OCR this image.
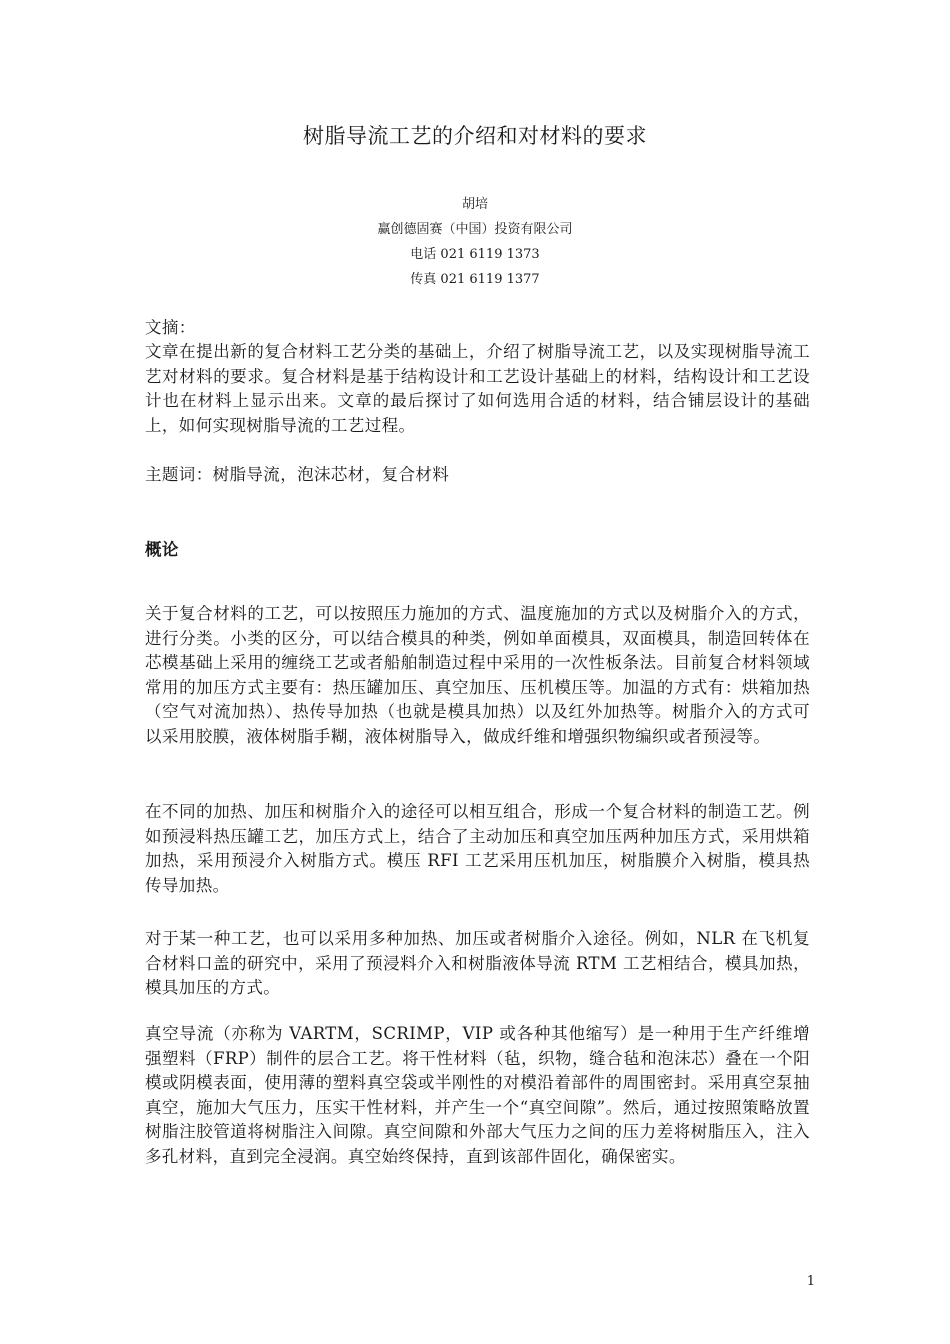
树脂导流工艺的介绍和对材料的要求
胡培
赢创德固赛（中国）投资有限公司
电话 021 6119 1373
传真 021 6119 1377
文摘：
文章在提出新的复合材料工艺分类的基础上，介绍了树脂导流工艺，以及实现树脂导流工艺对材料的要求。复合材料是基于结构设计和工艺设计基础上的材料，结构设计和工艺设计也在材料上显示出来。文章的最后探讨了如何选用合适的材料，结合铺层设计的基础上，如何实现树脂导流的工艺过程。
主题词：树脂导流，泡沫芯材，复合材料
概论
关于复合材料的工艺，可以按照压力施加的方式、温度施加的方式以及树脂介入的方式，进行分类。小类的区分，可以结合模具的种类，例如单面模具，双面模具，制造回转体在芯模基础上采用的缠绕工艺或者船舶制造过程中采用的一次性板条法。目前复合材料领域常用的加压方式主要有：热压罐加压、真空加压、压机模压等。加温的方式有：烘箱加热（空气对流加热）、热传导加热（也就是模具加热）以及红外加热等。树脂介入的方式可以采用胶膜，液体树脂手糊，液体树脂导入，做成纤维和增强织物编织或者预浸等。
在不同的加热、加压和树脂介入的途径可以相互组合，形成一个复合材料的制造工艺。例如预浸料热压罐工艺，加压方式上，结合了主动加压和真空加压两种加压方式，采用烘箱加热，采用预浸介入树脂方式。模压 RFI 工艺采用压机加压，树脂膜介入树脂，模具热传导加热。
对于某一种工艺，也可以采用多种加热、加压或者树脂介入途径。例如，NLR 在飞机复合材料口盖的研究中，采用了预浸料介入和树脂液体导流 RTM 工艺相结合，模具加热，模具加压的方式。
真空导流（亦称为 VARTM，SCRIMP，VIP 或各种其他缩写）是一种用于生产纤维增强塑料（FRP）制件的层合工艺。将干性材料（毡，织物，缝合毡和泡沫芯）叠在一个阳模或阴模表面，使用薄的塑料真空袋或半刚性的对模沿着部件的周围密封。采用真空泵抽真空，施加大气压力，压实干性材料，并产生一个“真空间隙”。然后，通过按照策略放置树脂注胶管道将树脂注入间隙。真空间隙和外部大气压力之间的压力差将树脂压入，注入多孔材料，直到完全浸润。真空始终保持，直到该部件固化，确保密实。
1
